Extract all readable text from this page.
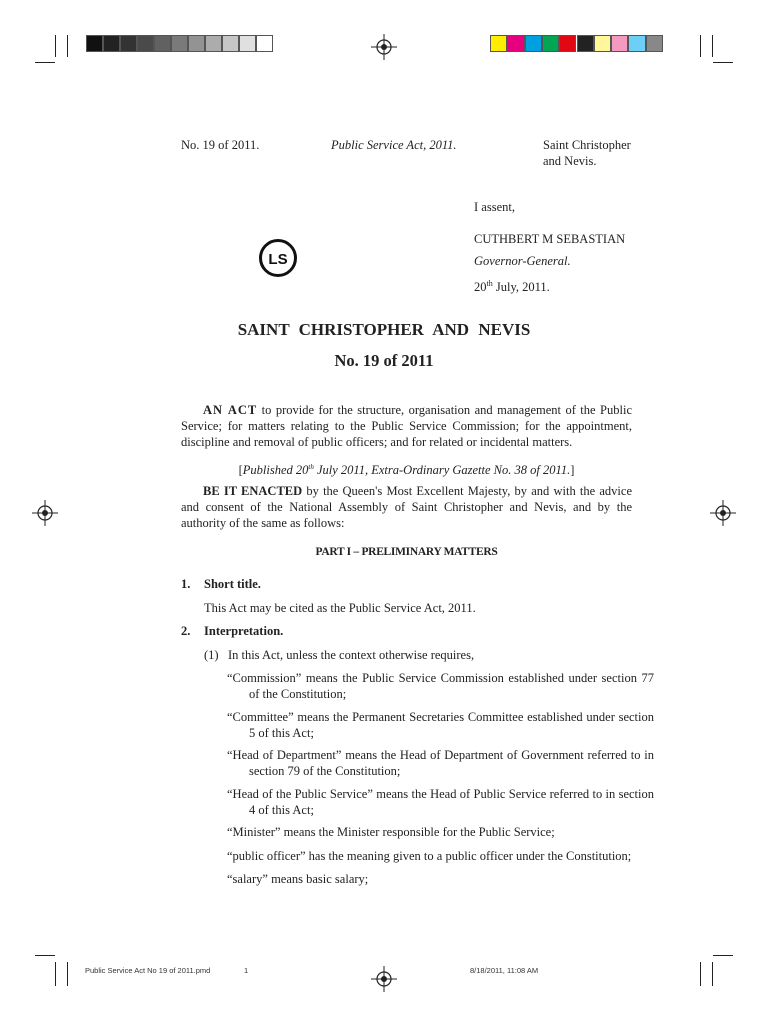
No. 19 of 2011.	Public Service Act, 2011.	Saint Christopher
and Nevis.
I assent,
CUTHBERT M SEBASTIAN
Governor-General.
20th July, 2011.
LS
SAINT CHRISTOPHER AND NEVIS
No. 19 of 2011
AN ACT to provide for the structure, organisation and management of the Public Service; for matters relating to the Public Service Commission; for the appointment, discipline and removal of public officers; and for related or incidental matters.
[Published 20th July 2011, Extra-Ordinary Gazette No. 38 of 2011.]
BE IT ENACTED by the Queen's Most Excellent Majesty, by and with the advice and consent of the National Assembly of Saint Christopher and Nevis, and by the authority of the same as follows:
PART I – PRELIMINARY MATTERS
1. Short title.
This Act may be cited as the Public Service Act, 2011.
2. Interpretation.
(1)   In this Act, unless the context otherwise requires,
“Commission” means the Public Service Commission established under section 77 of the Constitution;
“Committee” means the Permanent Secretaries Committee established under section 5 of this Act;
“Head of Department” means the Head of Department of Government referred to in section 79 of the Constitution;
“Head of the Public Service” means the Head of Public Service referred to in section 4 of this Act;
“Minister” means the Minister responsible for the Public Service;
“public officer” has the meaning given to a public officer under the Constitution;
“salary” means basic salary;
Public Service Act No 19 of 2011.pmd	1	8/18/2011, 11:08 AM
